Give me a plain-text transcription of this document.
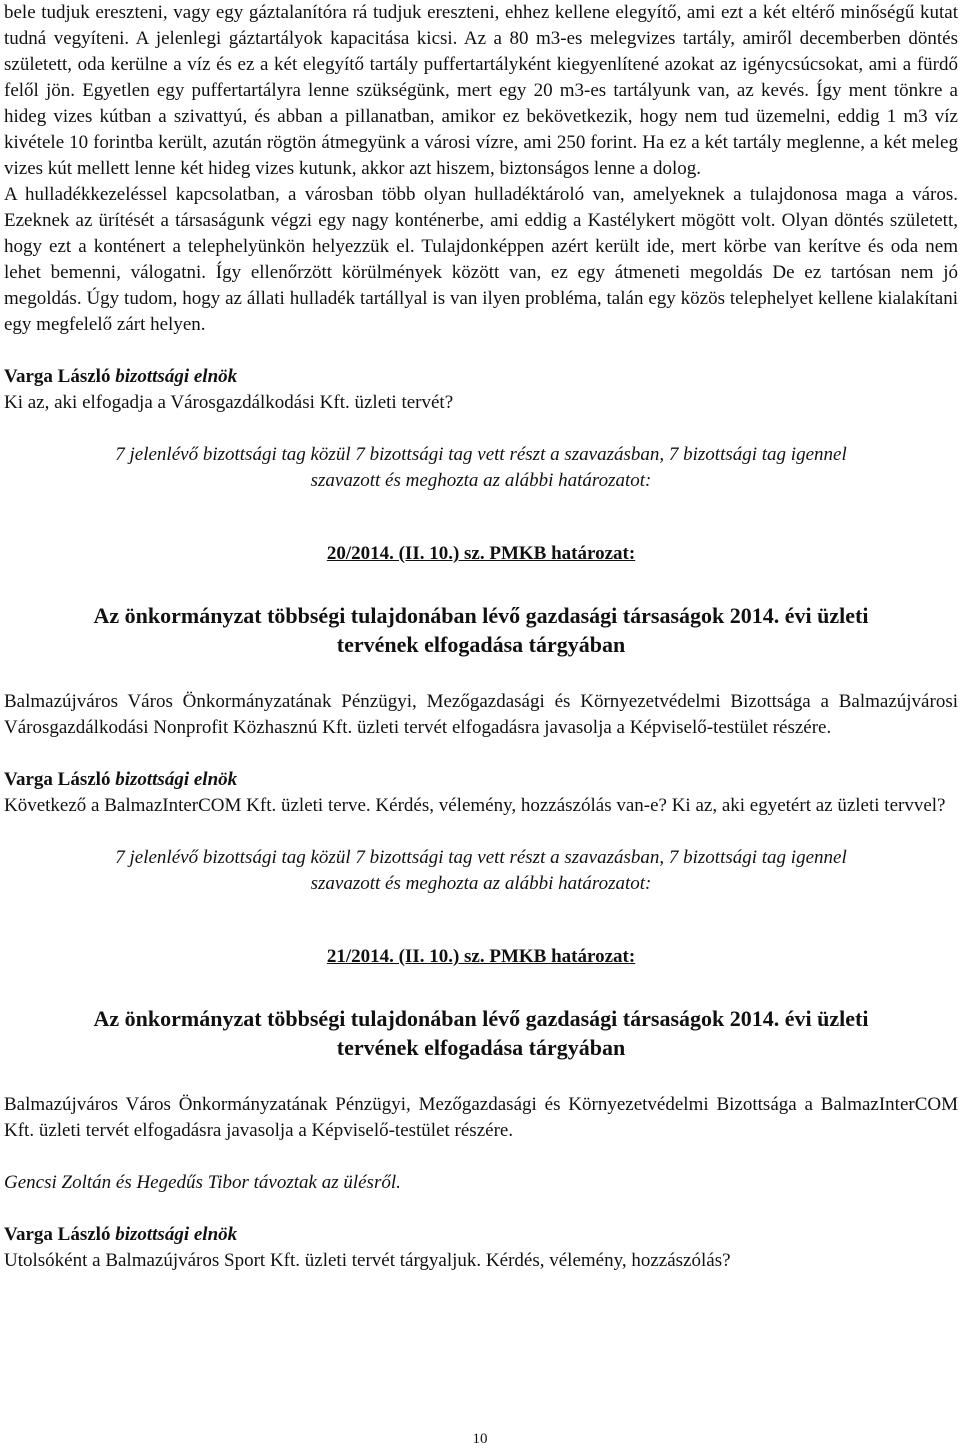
bele tudjuk ereszteni, vagy egy gáztalanítóra rá tudjuk ereszteni, ehhez kellene elegyítő, ami ezt a két eltérő minőségű kutat tudná vegyíteni. A jelenlegi gáztartályok kapacitása kicsi. Az a 80 m3-es melegvizes tartály, amiről decemberben döntés született, oda kerülne a víz és ez a két elegyítő tartály puffertartályként kiegyenlítené azokat az igénycsúcsokat, ami a fürdő felől jön. Egyetlen egy puffertartályra lenne szükségünk, mert egy 20 m3-es tartályunk van, az kevés. Így ment tönkre a hideg vizes kútban a szivattyú, és abban a pillanatban, amikor ez bekövetkezik, hogy nem tud üzemelni, eddig 1 m3 víz kivétele 10 forintba került, azután rögtön átmegyünk a városi vízre, ami 250 forint. Ha ez a két tartály meglenne, a két meleg vizes kút mellett lenne két hideg vizes kutunk, akkor azt hiszem, biztonságos lenne a dolog.

A hulladékkezeléssel kapcsolatban, a városban több olyan hulladéktároló van, amelyeknek a tulajdonosa maga a város. Ezeknek az ürítését a társaságunk végzi egy nagy konténerbe, ami eddig a Kastélykert mögött volt. Olyan döntés született, hogy ezt a konténert a telephelyünkön helyezzük el. Tulajdonképpen azért került ide, mert körbe van kerítve és oda nem lehet bemenni, válogatni. Így ellenőrzött körülmények között van, ez egy átmeneti megoldás De ez tartósan nem jó megoldás. Úgy tudom, hogy az állati hulladék tartállyal is van ilyen probléma, talán egy közös telephelyet kellene kialakítani egy megfelelő zárt helyen.

Varga László bizottsági elnök

Ki az, aki elfogadja a Városgazdálkodási Kft. üzleti tervét?

7 jelenlévő bizottsági tag közül 7 bizottsági tag vett részt a szavazásban, 7 bizottsági tag igennel

szavazott és meghozta az alábbi határozatot:

20/2014. (II. 10.) sz. PMKB határozat:

Az önkormányzat többségi tulajdonában lévő gazdasági társaságok 2014. évi üzleti
tervének elfogadása tárgyában

Balmazújváros Város Önkormányzatának Pénzügyi, Mezőgazdasági és Környezetvédelmi Bizottsága a Balmazújvárosi Városgazdálkodási Nonprofit Közhasznú Kft. üzleti tervét elfogadásra javasolja a Képviselő-testület részére.

Varga László bizottsági elnök

Következő a BalmazInterCOM Kft. üzleti terve. Kérdés, vélemény, hozzászólás van-e? Ki az, aki egyetért az üzleti tervvel?

7 jelenlévő bizottsági tag közül 7 bizottsági tag vett részt a szavazásban, 7 bizottsági tag igennel

szavazott és meghozta az alábbi határozatot:

21/2014. (II. 10.) sz. PMKB határozat:

Az önkormányzat többségi tulajdonában lévő gazdasági társaságok 2014. évi üzleti
tervének elfogadása tárgyában

Balmazújváros Város Önkormányzatának Pénzügyi, Mezőgazdasági és Környezetvédelmi Bizottsága a BalmazInterCOM Kft. üzleti tervét elfogadásra javasolja a Képviselő-testület részére.

Gencsi Zoltán és Hegedűs Tibor távoztak az ülésről.

Varga László bizottsági elnök

Utolsóként a Balmazújváros Sport Kft. üzleti tervét tárgyaljuk. Kérdés, vélemény, hozzászólás?

10
